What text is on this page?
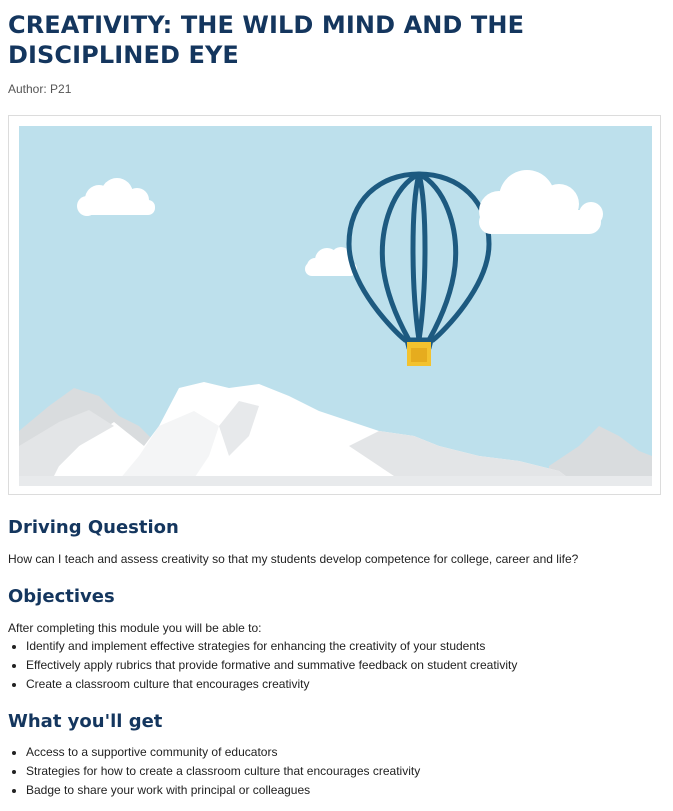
CREATIVITY: THE WILD MIND AND THE DISCIPLINED EYE
Author: P21
Driving Question
How can I teach and assess creativity so that my students develop competence for college, career and life?
Objectives
After completing this module you will be able to:
• Identify and implement effective strategies for enhancing the creativity of your students
• Effectively apply rubrics that provide formative and summative feedback on student creativity
• Create a classroom culture that encourages creativity
What you'll get
• Access to a supportive community of educators
• Strategies for how to create a classroom culture that encourages creativity
• Badge to share your work with principal or colleagues
